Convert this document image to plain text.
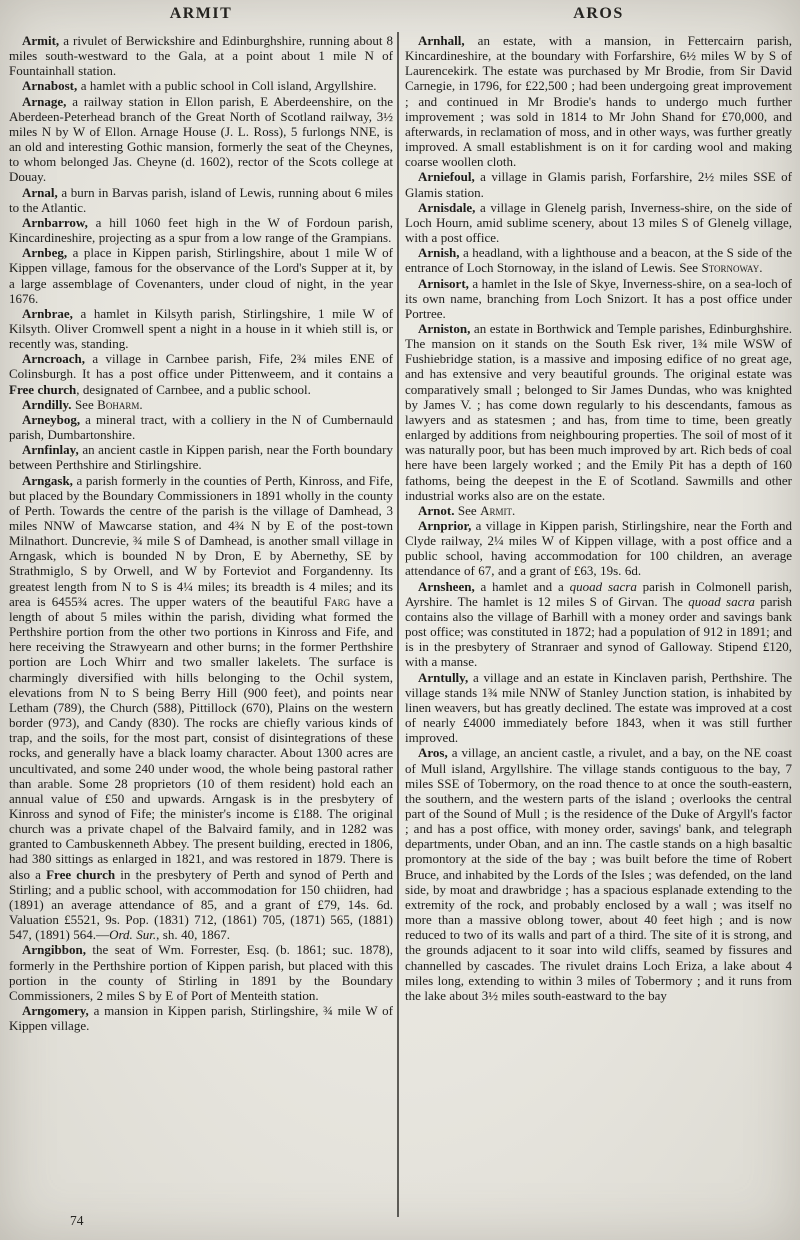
ARMIT	AROS

Armit, a rivulet of Berwickshire and Edinburghshire, running about 8 miles south-westward to the Gala, at a point about 1 mile N of Fountainhall station.

Arnabost, a hamlet with a public school in Coll island, Argyllshire.

Arnage, a railway station in Ellon parish, E Aberdeenshire, on the Aberdeen-Peterhead branch of the Great North of Scotland railway, 3½ miles N by W of Ellon. Arnage House (J. L. Ross), 5 furlongs NNE, is an old and interesting Gothic mansion, formerly the seat of the Cheynes, to whom belonged Jas. Cheyne (d. 1602), rector of the Scots college at Douay.

Arnal, a burn in Barvas parish, island of Lewis, running about 6 miles to the Atlantic.

Arnbarrow, a hill 1060 feet high in the W of Fordoun parish, Kincardineshire, projecting as a spur from a low range of the Grampians.

Arnbeg, a place in Kippen parish, Stirlingshire, about 1 mile W of Kippen village, famous for the observance of the Lord's Supper at it, by a large assemblage of Covenanters, under cloud of night, in the year 1676.

Arnbrae, a hamlet in Kilsyth parish, Stirlingshire, 1 mile W of Kilsyth. Oliver Cromwell spent a night in a house in it whieh still is, or recently was, standing.

Arncroach, a village in Carnbee parish, Fife, 2¾ miles ENE of Colinsburgh. It has a post office under Pittenweem, and it contains a Free church, designated of Carnbee, and a public school.

Arndilly. See Boharm.

Arneybog, a mineral tract, with a colliery in the N of Cumbernauld parish, Dumbartonshire.

Arnfinlay, an ancient castle in Kippen parish, near the Forth boundary between Perthshire and Stirlingshire.

Arngask, a parish formerly in the counties of Perth, Kinross, and Fife, but placed by the Boundary Commissioners in 1891 wholly in the county of Perth. Towards the centre of the parish is the village of Damhead, 3 miles NNW of Mawcarse station, and 4¾ N by E of the post-town Milnathort. Duncrevie, ¾ mile S of Damhead, is another small village in Arngask, which is bounded N by Dron, E by Abernethy, SE by Strathmiglo, S by Orwell, and W by Forteviot and Forgandenny. Its greatest length from N to S is 4¼ miles; its breadth is 4 miles; and its area is 6455¾ acres. The upper waters of the beautiful Farg have a length of about 5 miles within the parish, dividing what formed the Perthshire portion from the other two portions in Kinross and Fife, and here receiving the Strawyearn and other burns; in the former Perthshire portion are Loch Whirr and two smaller lakelets. The surface is charmingly diversified with hills belonging to the Ochil system, elevations from N to S being Berry Hill (900 feet), and points near Letham (789), the Church (588), Pittillock (670), Plains on the western border (973), and Candy (830). The rocks are chiefly various kinds of trap, and the soils, for the most part, consist of disintegrations of these rocks, and generally have a black loamy character. About 1300 acres are uncultivated, and some 240 under wood, the whole being pastoral rather than arable. Some 28 proprietors (10 of them resident) hold each an annual value of £50 and upwards. Arngask is in the presbytery of Kinross and synod of Fife; the minister's income is £188. The original church was a private chapel of the Balvaird family, and in 1282 was granted to Cambuskenneth Abbey. The present building, erected in 1806, had 380 sittings as enlarged in 1821, and was restored in 1879. There is also a Free church in the presbytery of Perth and synod of Perth and Stirling; and a public school, with accommodation for 150 chiidren, had (1891) an average attendance of 85, and a grant of £79, 14s. 6d. Valuation £5521, 9s. Pop. (1831) 712, (1861) 705, (1871) 565, (1881) 547, (1891) 564.—Ord. Sur., sh. 40, 1867.

Arngibbon, the seat of Wm. Forrester, Esq. (b. 1861; suc. 1878), formerly in the Perthshire portion of Kippen parish, but placed with this portion in the county of Stirling in 1891 by the Boundary Commissioners, 2 miles S by E of Port of Menteith station.

Arngomery, a mansion in Kippen parish, Stirlingshire, ¾ mile W of Kippen village.

Arnhall, an estate, with a mansion, in Fettercairn parish, Kincardineshire, at the boundary with Forfarshire, 6½ miles W by S of Laurencekirk. The estate was purchased by Mr Brodie, from Sir David Carnegie, in 1796, for £22,500 ; had been undergoing great improvement ; and continued in Mr Brodie's hands to undergo much further improvement ; was sold in 1814 to Mr John Shand for £70,000, and afterwards, in reclamation of moss, and in other ways, was further greatly improved. A small establishment is on it for carding wool and making coarse woollen cloth.

Arniefoul, a village in Glamis parish, Forfarshire, 2½ miles SSE of Glamis station.

Arnisdale, a village in Glenelg parish, Inverness-shire, on the side of Loch Hourn, amid sublime scenery, about 13 miles S of Glenelg village, with a post office.

Arnish, a headland, with a lighthouse and a beacon, at the S side of the entrance of Loch Stornoway, in the island of Lewis. See Stornoway.

Arnisort, a hamlet in the Isle of Skye, Inverness-shire, on a sea-loch of its own name, branching from Loch Snizort. It has a post office under Portree.

Arniston, an estate in Borthwick and Temple parishes, Edinburghshire. The mansion on it stands on the South Esk river, 1¾ mile WSW of Fushiebridge station, is a massive and imposing edifice of no great age, and has extensive and very beautiful grounds. The original estate was comparatively small ; belonged to Sir James Dundas, who was knighted by James V. ; has come down regularly to his descendants, famous as lawyers and as statesmen ; and has, from time to time, been greatly enlarged by additions from neighbouring properties. The soil of most of it was naturally poor, but has been much improved by art. Rich beds of coal here have been largely worked ; and the Emily Pit has a depth of 160 fathoms, being the deepest in the E of Scotland. Sawmills and other industrial works also are on the estate.

Arnot. See Armit.

Arnprior, a village in Kippen parish, Stirlingshire, near the Forth and Clyde railway, 2¼ miles W of Kippen village, with a post office and a public school, having accommodation for 100 children, an average attendance of 67, and a grant of £63, 19s. 6d.

Arnsheen, a hamlet and a quoad sacra parish in Colmonell parish, Ayrshire. The hamlet is 12 miles S of Girvan. The quoad sacra parish contains also the village of Barhill with a money order and savings bank post office; was constituted in 1872; had a population of 912 in 1891; and is in the presbytery of Stranraer and synod of Galloway. Stipend £120, with a manse.

Arntully, a village and an estate in Kinclaven parish, Perthshire. The village stands 1¾ mile NNW of Stanley Junction station, is inhabited by linen weavers, but has greatly declined. The estate was improved at a cost of nearly £4000 immediately before 1843, when it was still further improved.

Aros, a village, an ancient castle, a rivulet, and a bay, on the NE coast of Mull island, Argyllshire. The village stands contiguous to the bay, 7 miles SSE of Tobermory, on the road thence to at once the south-eastern, the southern, and the western parts of the island ; overlooks the central part of the Sound of Mull ; is the residence of the Duke of Argyll's factor ; and has a post office, with money order, savings' bank, and telegraph departments, under Oban, and an inn. The castle stands on a high basaltic promontory at the side of the bay ; was built before the time of Robert Bruce, and inhabited by the Lords of the Isles ; was defended, on the land side, by moat and drawbridge ; has a spacious esplanade extending to the extremity of the rock, and probably enclosed by a wall ; was itself no more than a massive oblong tower, about 40 feet high ; and is now reduced to two of its walls and part of a third. The site of it is strong, and the grounds adjacent to it soar into wild cliffs, seamed by fissures and channelled by cascades. The rivulet drains Loch Eriza, a lake about 4 miles long, extending to within 3 miles of Tobermory ; and it runs from the lake about 3½ miles south-eastward to the bay

74
